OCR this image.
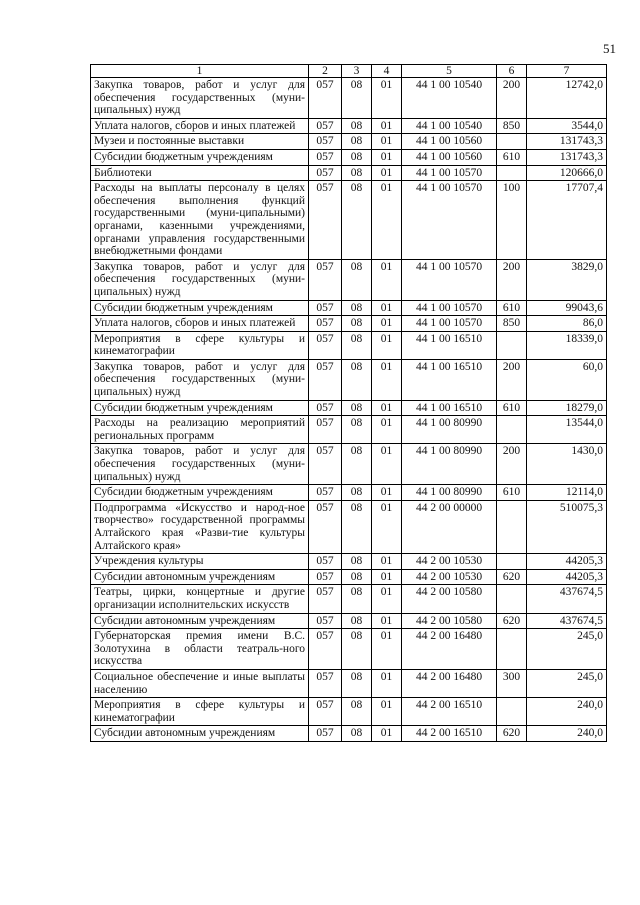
51
1	2	3	4	5	6	7
Закупка товаров, работ и услуг для обеспечения государственных (муни-ципальных) нужд	057	08	01	44 1 00 10540	200	12742,0
Уплата налогов, сборов и иных платежей	057	08	01	44 1 00 10540	850	3544,0
Музеи и постоянные выставки	057	08	01	44 1 00 10560		131743,3
Субсидии бюджетным учреждениям	057	08	01	44 1 00 10560	610	131743,3
Библиотеки	057	08	01	44 1 00 10570		120666,0
Расходы на выплаты персоналу в целях обеспечения выполнения функций государственными (муни-ципальными) органами, казенными учреждениями, органами управления государственными внебюджетными фондами	057	08	01	44 1 00 10570	100	17707,4
Закупка товаров, работ и услуг для обеспечения государственных (муни-ципальных) нужд	057	08	01	44 1 00 10570	200	3829,0
Субсидии бюджетным учреждениям	057	08	01	44 1 00 10570	610	99043,6
Уплата налогов, сборов и иных платежей	057	08	01	44 1 00 10570	850	86,0
Мероприятия в сфере культуры и кинематографии	057	08	01	44 1 00 16510		18339,0
Закупка товаров, работ и услуг для обеспечения государственных (муни-ципальных) нужд	057	08	01	44 1 00 16510	200	60,0
Субсидии бюджетным учреждениям	057	08	01	44 1 00 16510	610	18279,0
Расходы на реализацию мероприятий региональных программ	057	08	01	44 1 00 80990		13544,0
Закупка товаров, работ и услуг для обеспечения государственных (муни-ципальных) нужд	057	08	01	44 1 00 80990	200	1430,0
Субсидии бюджетным учреждениям	057	08	01	44 1 00 80990	610	12114,0
Подпрограмма «Искусство и народ-ное творчество» государственной программы Алтайского края «Разви-тие культуры Алтайского края»	057	08	01	44 2 00 00000		510075,3
Учреждения культуры	057	08	01	44 2 00 10530		44205,3
Субсидии автономным учреждениям	057	08	01	44 2 00 10530	620	44205,3
Театры, цирки, концертные и другие организации исполнительских искусств	057	08	01	44 2 00 10580		437674,5
Субсидии автономным учреждениям	057	08	01	44 2 00 10580	620	437674,5
Губернаторская премия имени В.С. Золотухина в области театраль-ного искусства	057	08	01	44 2 00 16480		245,0
Социальное обеспечение и иные выплаты населению	057	08	01	44 2 00 16480	300	245,0
Мероприятия в сфере культуры и кинематографии	057	08	01	44 2 00 16510		240,0
Субсидии автономным учреждениям	057	08	01	44 2 00 16510	620	240,0
